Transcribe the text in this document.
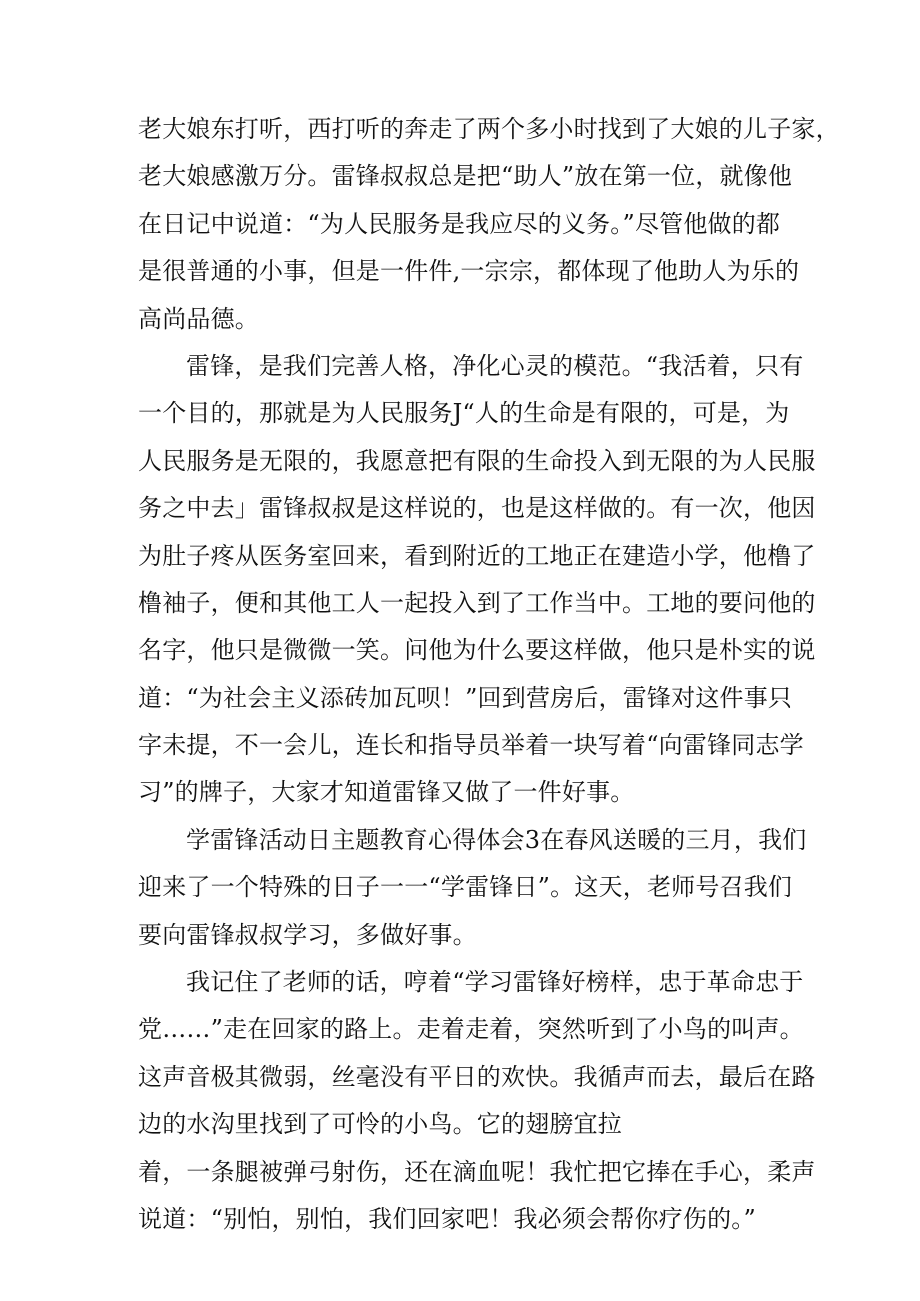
老大娘东打听，西打听的奔走了两个多小时找到了大娘的儿子家，
老大娘感激万分。雷锋叔叔总是把“助人”放在第一位，就像他
在日记中说道：“为人民服务是我应尽的义务。”尽管他做的都
是很普通的小事，但是一件件,一宗宗，都体现了他助人为乐的
高尚品德。
雷锋，是我们完善人格，净化心灵的模范。“我活着，只有
一个目的，那就是为人民服务J“人的生命是有限的，可是，为
人民服务是无限的，我愿意把有限的生命投入到无限的为人民服
务之中去」雷锋叔叔是这样说的，也是这样做的。有一次，他因
为肚子疼从医务室回来，看到附近的工地正在建造小学，他橹了
橹袖子，便和其他工人一起投入到了工作当中。工地的要问他的
名字，他只是微微一笑。问他为什么要这样做，他只是朴实的说
道：“为社会主义添砖加瓦呗！”回到营房后，雷锋对这件事只
字未提，不一会儿，连长和指导员举着一块写着“向雷锋同志学
习”的牌子，大家才知道雷锋又做了一件好事。
学雷锋活动日主题教育心得体会3在春风送暖的三月，我们
迎来了一个特殊的日子一一“学雷锋日”。这天，老师号召我们
要向雷锋叔叔学习，多做好事。
我记住了老师的话，哼着“学习雷锋好榜样，忠于革命忠于
党……”走在回家的路上。走着走着，突然听到了小鸟的叫声。
这声音极其微弱，丝毫没有平日的欢快。我循声而去，最后在路
边的水沟里找到了可怜的小鸟。它的翅膀宜拉
着，一条腿被弹弓射伤，还在滴血呢！我忙把它捧在手心，柔声
说道：“别怕，别怕，我们回家吧！我必须会帮你疗伤的。”
